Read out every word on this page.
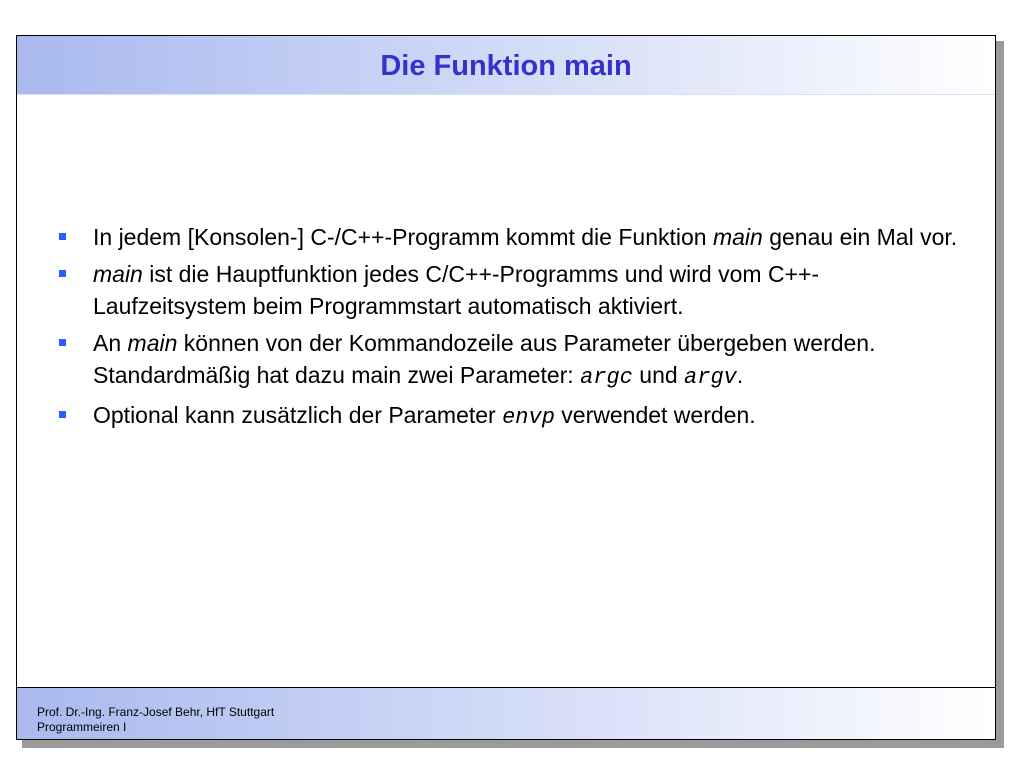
Die Funktion main
In jedem [Konsolen-] C-/C++-Programm kommt die Funktion main genau ein Mal vor.
main ist die Hauptfunktion jedes C/C++-Programms und wird vom C++-Laufzeitsystem beim Programmstart automatisch aktiviert.
An main können von der Kommandozeile aus Parameter übergeben werden. Standardmäßig hat dazu main zwei Parameter: argc und argv.
Optional kann zusätzlich der Parameter envp verwendet werden.
Prof. Dr.-Ing. Franz-Josef Behr, HfT Stuttgart
Programmeiren I
